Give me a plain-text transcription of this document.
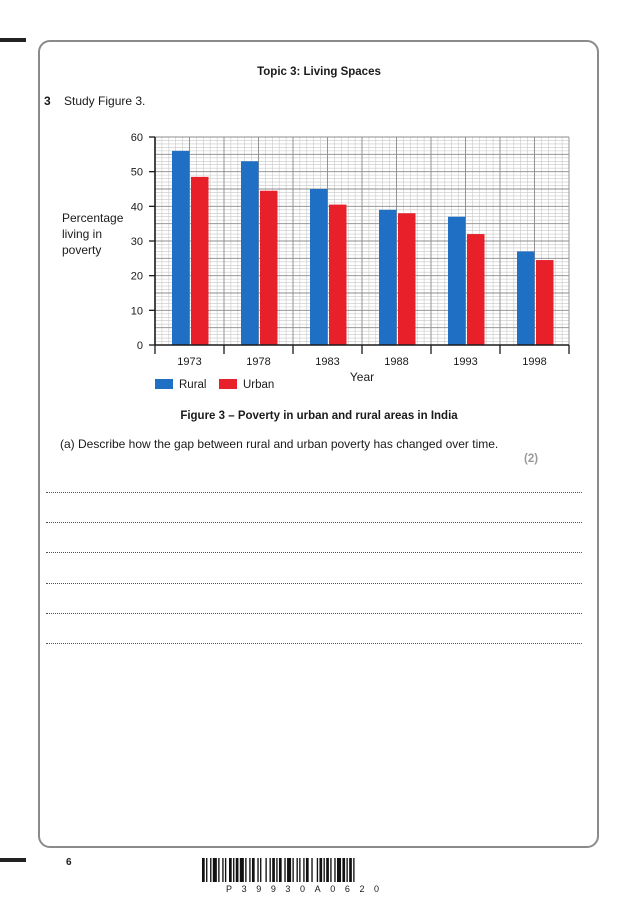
Topic 3: Living Spaces
3 Study Figure 3.
0
10
20
30
40
50
60
1973	1978	1983	1988	1993	1998
Percentage
living in
poverty
Year
Rural	Urban
Figure 3 – Poverty in urban and rural areas in India
(a) Describe how the gap between rural and urban poverty has changed over time.
(2)
6
P39930A0620
